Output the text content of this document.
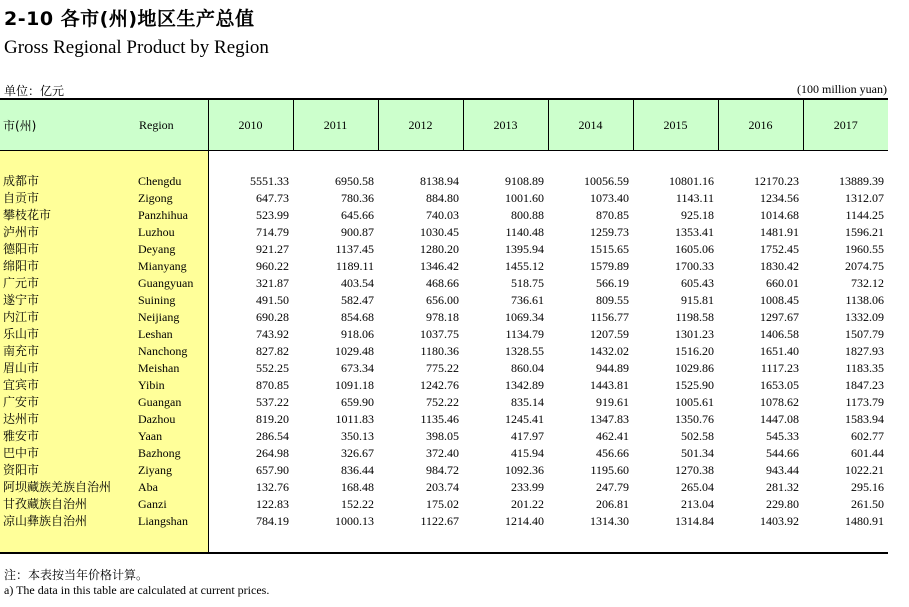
2-10 各市(州)地区生产总值
Gross Regional Product by Region
单位：亿元	(100 million yuan)
市(州)	Region	2010	2011	2012	2013	2014	2015	2016	2017

成都市	Chengdu	5551.33	6950.58	8138.94	9108.89	10056.59	10801.16	12170.23	13889.39
自贡市	Zigong	647.73	780.36	884.80	1001.60	1073.40	1143.11	1234.56	1312.07
攀枝花市	Panzhihua	523.99	645.66	740.03	800.88	870.85	925.18	1014.68	1144.25
泸州市	Luzhou	714.79	900.87	1030.45	1140.48	1259.73	1353.41	1481.91	1596.21
德阳市	Deyang	921.27	1137.45	1280.20	1395.94	1515.65	1605.06	1752.45	1960.55
绵阳市	Mianyang	960.22	1189.11	1346.42	1455.12	1579.89	1700.33	1830.42	2074.75
广元市	Guangyuan	321.87	403.54	468.66	518.75	566.19	605.43	660.01	732.12
遂宁市	Suining	491.50	582.47	656.00	736.61	809.55	915.81	1008.45	1138.06
内江市	Neijiang	690.28	854.68	978.18	1069.34	1156.77	1198.58	1297.67	1332.09
乐山市	Leshan	743.92	918.06	1037.75	1134.79	1207.59	1301.23	1406.58	1507.79
南充市	Nanchong	827.82	1029.48	1180.36	1328.55	1432.02	1516.20	1651.40	1827.93
眉山市	Meishan	552.25	673.34	775.22	860.04	944.89	1029.86	1117.23	1183.35
宜宾市	Yibin	870.85	1091.18	1242.76	1342.89	1443.81	1525.90	1653.05	1847.23
广安市	Guangan	537.22	659.90	752.22	835.14	919.61	1005.61	1078.62	1173.79
达州市	Dazhou	819.20	1011.83	1135.46	1245.41	1347.83	1350.76	1447.08	1583.94
雅安市	Yaan	286.54	350.13	398.05	417.97	462.41	502.58	545.33	602.77
巴中市	Bazhong	264.98	326.67	372.40	415.94	456.66	501.34	544.66	601.44
资阳市	Ziyang	657.90	836.44	984.72	1092.36	1195.60	1270.38	943.44	1022.21
阿坝藏族羌族自治州	Aba	132.76	168.48	203.74	233.99	247.79	265.04	281.32	295.16
甘孜藏族自治州	Ganzi	122.83	152.22	175.02	201.22	206.81	213.04	229.80	261.50
凉山彝族自治州	Liangshan	784.19	1000.13	1122.67	1214.40	1314.30	1314.84	1403.92	1480.91

注：本表按当年价格计算。
a) The data in this table are calculated at current prices.
